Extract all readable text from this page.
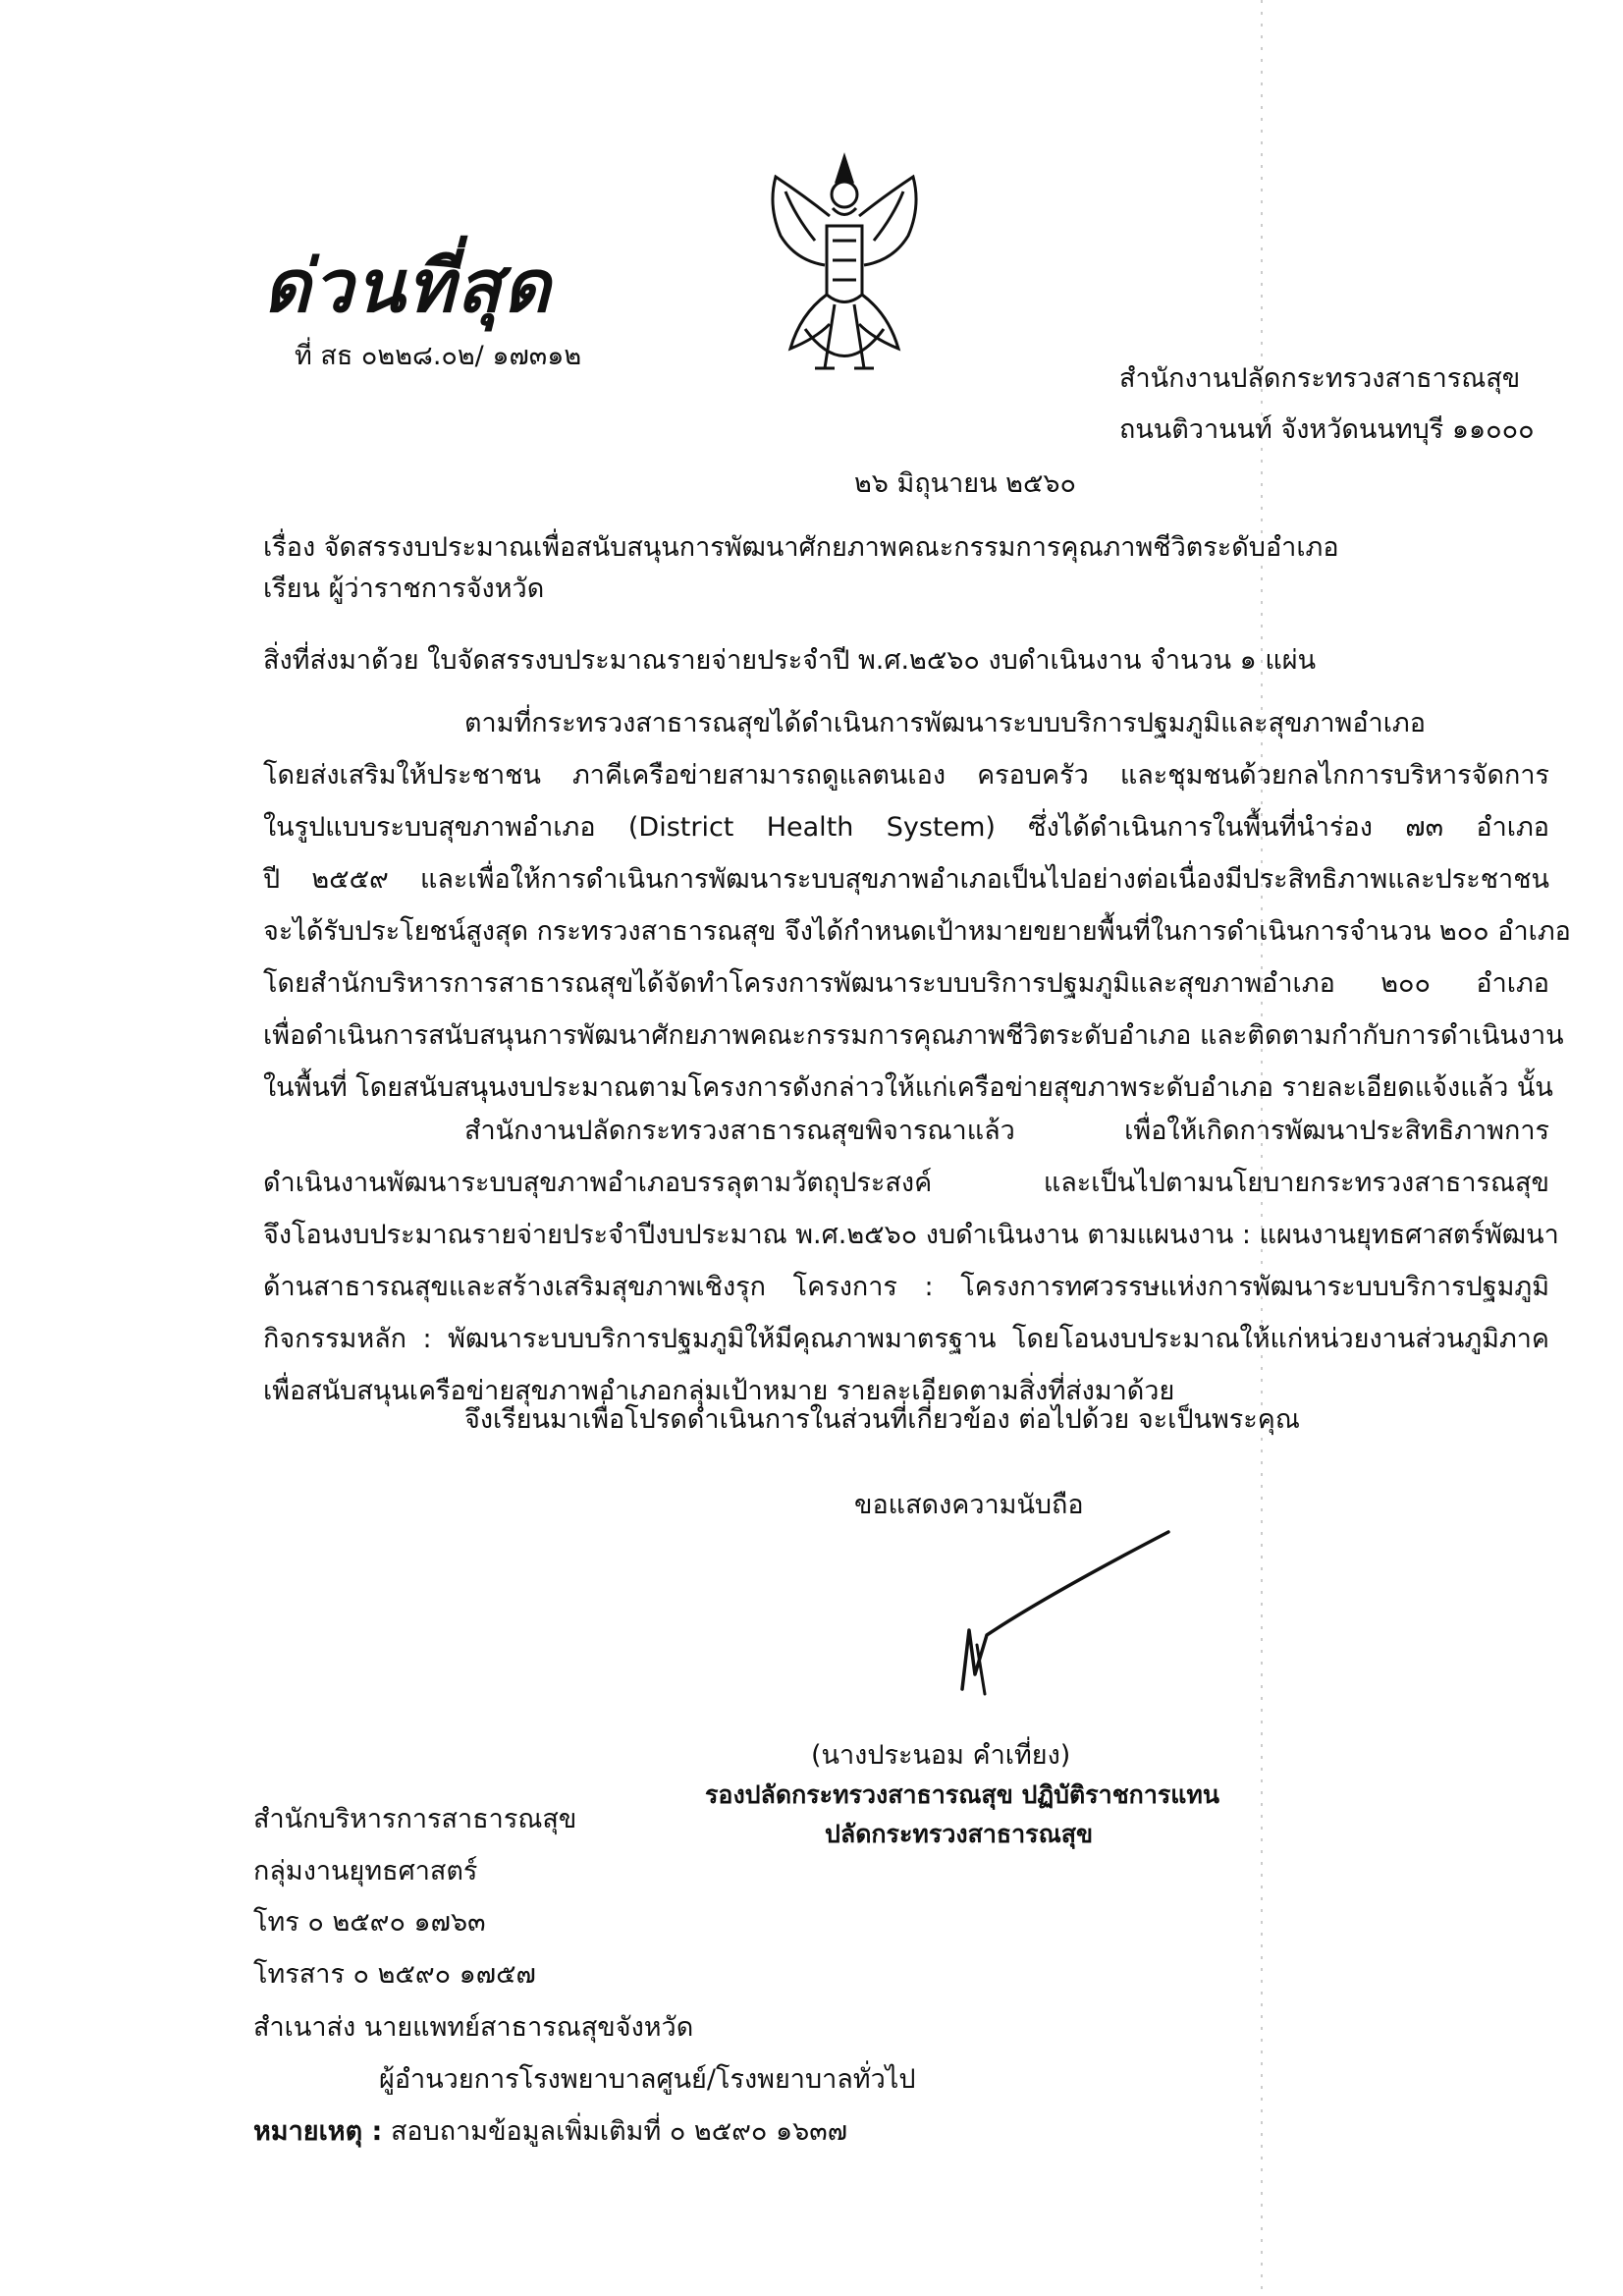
ด่วนที่สุด
ที่ สธ ๐๒๒๘.๐๒/ ๑๗๓๑๒
สำนักงานปลัดกระทรวงสาธารณสุข
ถนนติวานนท์ จังหวัดนนทบุรี ๑๑๐๐๐
๒๖ มิถุนายน ๒๕๖๐
เรื่อง จัดสรรงบประมาณเพื่อสนับสนุนการพัฒนาศักยภาพคณะกรรมการคุณภาพชีวิตระดับอำเภอ
เรียน ผู้ว่าราชการจังหวัด
สิ่งที่ส่งมาด้วย ใบจัดสรรงบประมาณรายจ่ายประจำปี พ.ศ.๒๕๖๐ งบดำเนินงาน จำนวน ๑ แผ่น
ตามที่กระทรวงสาธารณสุขได้ดำเนินการพัฒนาระบบบริการปฐมภูมิและสุขภาพอำเภอ
โดยส่งเสริมให้ประชาชน ภาคีเครือข่ายสามารถดูแลตนเอง ครอบครัว และชุมชนด้วยกลไกการบริหารจัดการ
ในรูปแบบระบบสุขภาพอำเภอ (District Health System) ซึ่งได้ดำเนินการในพื้นที่นำร่อง ๗๓ อำเภอ
ปี ๒๕๕๙ และเพื่อให้การดำเนินการพัฒนาระบบสุขภาพอำเภอเป็นไปอย่างต่อเนื่องมีประสิทธิภาพและประชาชน
จะได้รับประโยชน์สูงสุด กระทรวงสาธารณสุข จึงได้กำหนดเป้าหมายขยายพื้นที่ในการดำเนินการจำนวน ๒๐๐ อำเภอ
โดยสำนักบริหารการสาธารณสุขได้จัดทำโครงการพัฒนาระบบบริการปฐมภูมิและสุขภาพอำเภอ ๒๐๐ อำเภอ
เพื่อดำเนินการสนับสนุนการพัฒนาศักยภาพคณะกรรมการคุณภาพชีวิตระดับอำเภอ และติดตามกำกับการดำเนินงาน
ในพื้นที่ โดยสนับสนุนงบประมาณตามโครงการดังกล่าวให้แก่เครือข่ายสุขภาพระดับอำเภอ รายละเอียดแจ้งแล้ว นั้น
สำนักงานปลัดกระทรวงสาธารณสุขพิจารณาแล้ว เพื่อให้เกิดการพัฒนาประสิทธิภาพการ
ดำเนินงานพัฒนาระบบสุขภาพอำเภอบรรลุตามวัตถุประสงค์ และเป็นไปตามนโยบายกระทรวงสาธารณสุข
จึงโอนงบประมาณรายจ่ายประจำปีงบประมาณ พ.ศ.๒๕๖๐ งบดำเนินงาน ตามแผนงาน : แผนงานยุทธศาสตร์พัฒนา
ด้านสาธารณสุขและสร้างเสริมสุขภาพเชิงรุก โครงการ : โครงการทศวรรษแห่งการพัฒนาระบบบริการปฐมภูมิ
กิจกรรมหลัก : พัฒนาระบบบริการปฐมภูมิให้มีคุณภาพมาตรฐาน โดยโอนงบประมาณให้แก่หน่วยงานส่วนภูมิภาค
เพื่อสนับสนุนเครือข่ายสุขภาพอำเภอกลุ่มเป้าหมาย รายละเอียดตามสิ่งที่ส่งมาด้วย
จึงเรียนมาเพื่อโปรดดำเนินการในส่วนที่เกี่ยวข้อง ต่อไปด้วย จะเป็นพระคุณ
ขอแสดงความนับถือ
(นางประนอม คำเที่ยง)
รองปลัดกระทรวงสาธารณสุข ปฏิบัติราชการแทน
ปลัดกระทรวงสาธารณสุข
สำนักบริหารการสาธารณสุข
กลุ่มงานยุทธศาสตร์
โทร ๐ ๒๕๙๐ ๑๗๖๓
โทรสาร ๐ ๒๕๙๐ ๑๗๕๗
สำเนาส่ง นายแพทย์สาธารณสุขจังหวัด
ผู้อำนวยการโรงพยาบาลศูนย์/โรงพยาบาลทั่วไป
หมายเหตุ : สอบถามข้อมูลเพิ่มเติมที่ ๐ ๒๕๙๐ ๑๖๓๗
